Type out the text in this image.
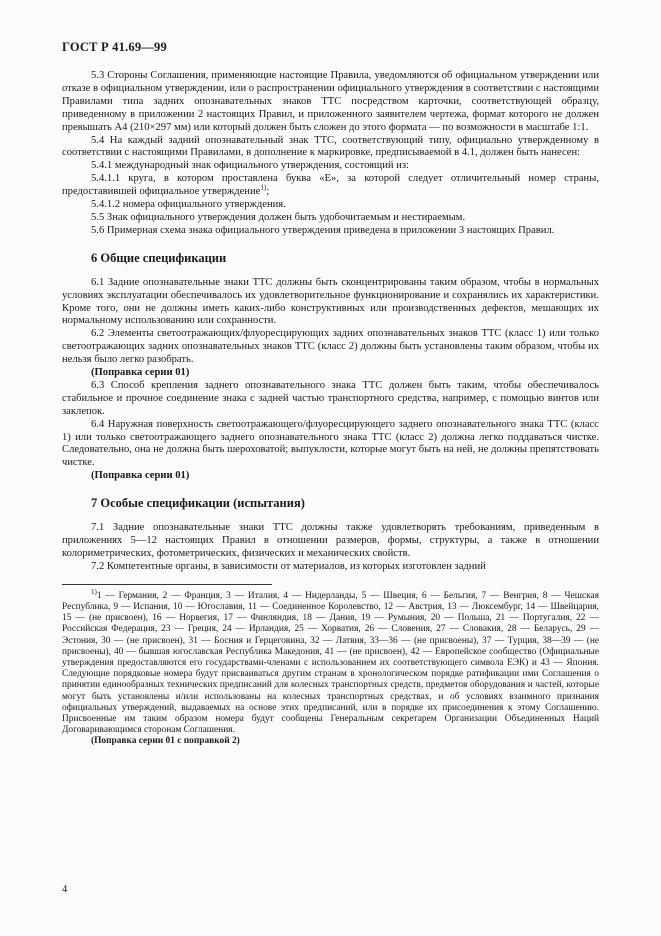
ГОСТ Р 41.69—99

5.3 Стороны Соглашения, применяющие настоящие Правила, уведомляются об официальном утверждении или отказе в официальном утверждении, или о распространении официального утверждения в соответствии с настоящими Правилами типа задних опознавательных знаков ТТС посредством карточки, соответствующей образцу, приведенному в приложении 2 настоящих Правил, и приложенного заявителем чертежа, формат которого не должен превышать А4 (210×297 мм) или который должен быть сложен до этого формата — по возможности в масштабе 1:1.

5.4 На каждый задний опознавательный знак ТТС, соответствующий типу, официально утвержденному в соответствии с настоящими Правилами, в дополнение к маркировке, предписываемой в 4.1, должен быть нанесен:

5.4.1 международный знак официального утверждения, состоящий из:

5.4.1.1 круга, в котором проставлена буква «Е», за которой следует отличительный номер страны, предоставившей официальное утверждение$^{1)}$;

5.4.1.2 номера официального утверждения.

5.5 Знак официального утверждения должен быть удобочитаемым и нестираемым.

5.6 Примерная схема знака официального утверждения приведена в приложении 3 настоящих Правил.

6 Общие спецификации

6.1 Задние опознавательные знаки ТТС должны быть сконцентрированы таким образом, чтобы в нормальных условиях эксплуатации обеспечивалось их удовлетворительное функционирование и сохранялись их характеристики. Кроме того, они не должны иметь каких-либо конструктивных или производственных дефектов, мешающих их нормальному использованию или сохранности.

6.2 Элементы светоотражающих/флуоресцирующих задних опознавательных знаков ТТС (класс 1) или только светоотражающих задних опознавательных знаков ТТС (класс 2) должны быть установлены таким образом, чтобы их нельзя было легко разобрать.

(Поправка серии 01)

6.3 Способ крепления заднего опознавательного знака ТТС должен быть таким, чтобы обеспечивалось стабильное и прочное соединение знака с задней частью транспортного средства, например, с помощью винтов или заклепок.

6.4 Наружная поверхность светоотражающего/флуоресцирующего заднего опознавательного знака ТТС (класс 1) или только светоотражающего заднего опознавательного знака ТТС (класс 2) должна легко поддаваться чистке. Следовательно, она не должна быть шероховатой; выпуклости, которые могут быть на ней, не должны препятствовать чистке.

(Поправка серии 01)

7 Особые спецификации (испытания)

7.1 Задние опознавательные знаки ТТС должны также удовлетворять требованиям, приведенным в приложениях 5—12 настоящих Правил в отношении размеров, формы, структуры, а также в отношении колориметрических, фотометрических, физических и механических свойств.

7.2 Компетентные органы, в зависимости от материалов, из которых изготовлен задний

$^{1)}$1 — Германия, 2 — Франция, 3 — Италия, 4 — Нидерланды, 5 — Швеция, 6 — Бельгия, 7 — Венгрия, 8 — Чешская Республика, 9 — Испания, 10 — Югославия, 11 — Соединенное Королевство, 12 — Австрия, 13 — Люксембург, 14 — Швейцария, 15 — (не присвоен), 16 — Норвегия, 17 — Финляндия, 18 — Дания, 19 — Румыния, 20 — Польша, 21 — Португалия, 22 — Российская Федерация, 23 — Греция, 24 — Ирландия, 25 — Хорватия, 26 — Словения, 27 — Словакия, 28 — Беларусь, 29 — Эстония, 30 — (не присвоен), 31 — Босния и Герцеговина, 32 — Латвия, 33—36 — (не присвоены), 37 — Турция, 38—39 — (не присвоены), 40 — бывшая югославская Республика Македония, 41 — (не присвоен), 42 — Европейское сообщество (Официальные утверждения предоставляются его государствами-членами с использованием их соответствующего символа ЕЭК) и 43 — Япония. Следующие порядковые номера будут присваиваться другим странам в хронологическом порядке ратификации ими Соглашения о принятии единообразных технических предписаний для колесных транспортных средств, предметов оборудования и частей, которые могут быть установлены и/или использованы на колесных транспортных средствах, и об условиях взаимного признания официальных утверждений, выдаваемых на основе этих предписаний, или в порядке их присоединения к этому Соглашению. Присвоенные им таким образом номера будут сообщены Генеральным секретарем Организации Объединенных Наций Договаривающимся сторонам Соглашения.

(Поправка серии 01 с поправкой 2)

4
